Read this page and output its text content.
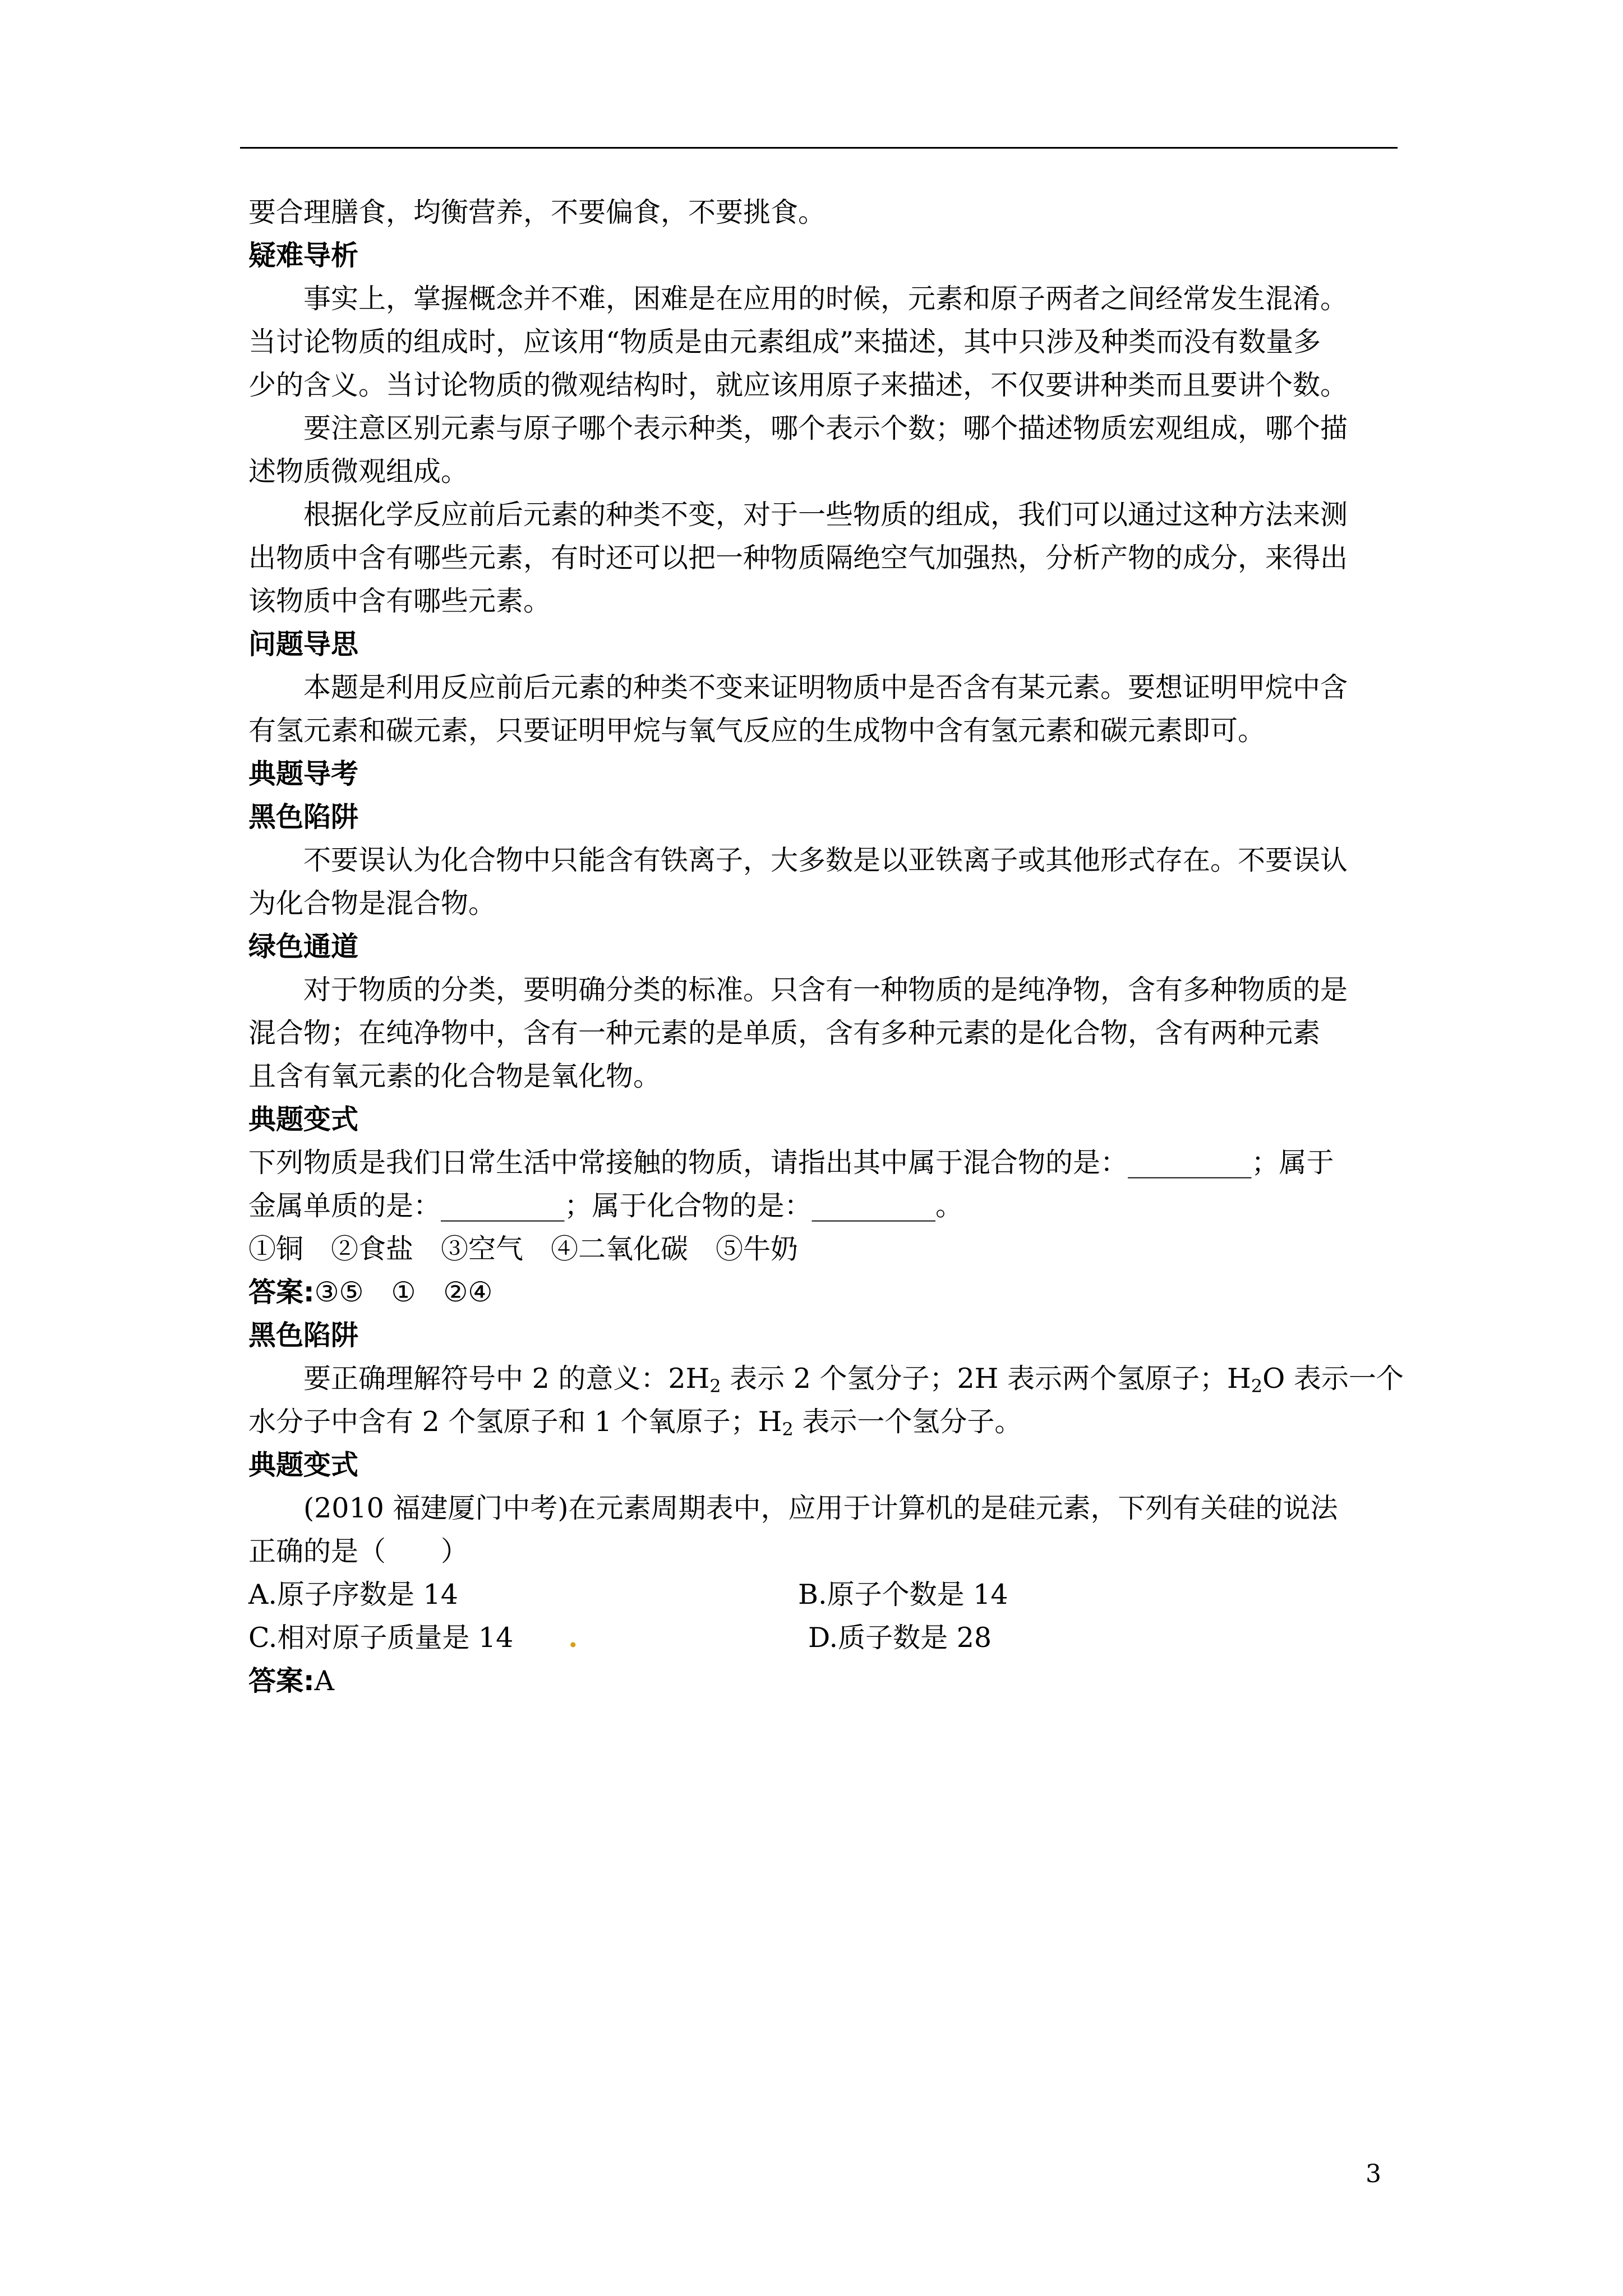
要合理膳食，均衡营养，不要偏食，不要挑食。
疑难导析
事实上，掌握概念并不难，困难是在应用的时候，元素和原子两者之间经常发生混淆。
当讨论物质的组成时，应该用“物质是由元素组成”来描述，其中只涉及种类而没有数量多
少的含义。当讨论物质的微观结构时，就应该用原子来描述，不仅要讲种类而且要讲个数。
要注意区别元素与原子哪个表示种类，哪个表示个数；哪个描述物质宏观组成，哪个描
述物质微观组成。
根据化学反应前后元素的种类不变，对于一些物质的组成，我们可以通过这种方法来测
出物质中含有哪些元素，有时还可以把一种物质隔绝空气加强热，分析产物的成分，来得出
该物质中含有哪些元素。
问题导思
本题是利用反应前后元素的种类不变来证明物质中是否含有某元素。要想证明甲烷中含
有氢元素和碳元素，只要证明甲烷与氧气反应的生成物中含有氢元素和碳元素即可。
典题导考
黑色陷阱
不要误认为化合物中只能含有铁离子，大多数是以亚铁离子或其他形式存在。不要误认
为化合物是混合物。
绿色通道
对于物质的分类，要明确分类的标准。只含有一种物质的是纯净物，含有多种物质的是
混合物；在纯净物中，含有一种元素的是单质，含有多种元素的是化合物，含有两种元素
且含有氧元素的化合物是氧化物。
典题变式
下列物质是我们日常生活中常接触的物质，请指出其中属于混合物的是：_________；属于
金属单质的是：_________；属于化合物的是：_________。
①铜　②食盐　③空气　④二氧化碳　⑤牛奶
答案:③⑤　①　②④
黑色陷阱
要正确理解符号中 2 的意义：$2H_2$ 表示 2 个氢分子；2H 表示两个氢原子；$H_2O$ 表示一个
水分子中含有 2 个氢原子和 1 个氧原子；$H_2$ 表示一个氢分子。
典题变式
(2010 福建厦门中考)在元素周期表中，应用于计算机的是硅元素，下列有关硅的说法
正确的是（　　）
A.原子序数是 14	B.原子个数是 14
C.相对原子质量是 14 .	D.质子数是 28
答案:A
3
